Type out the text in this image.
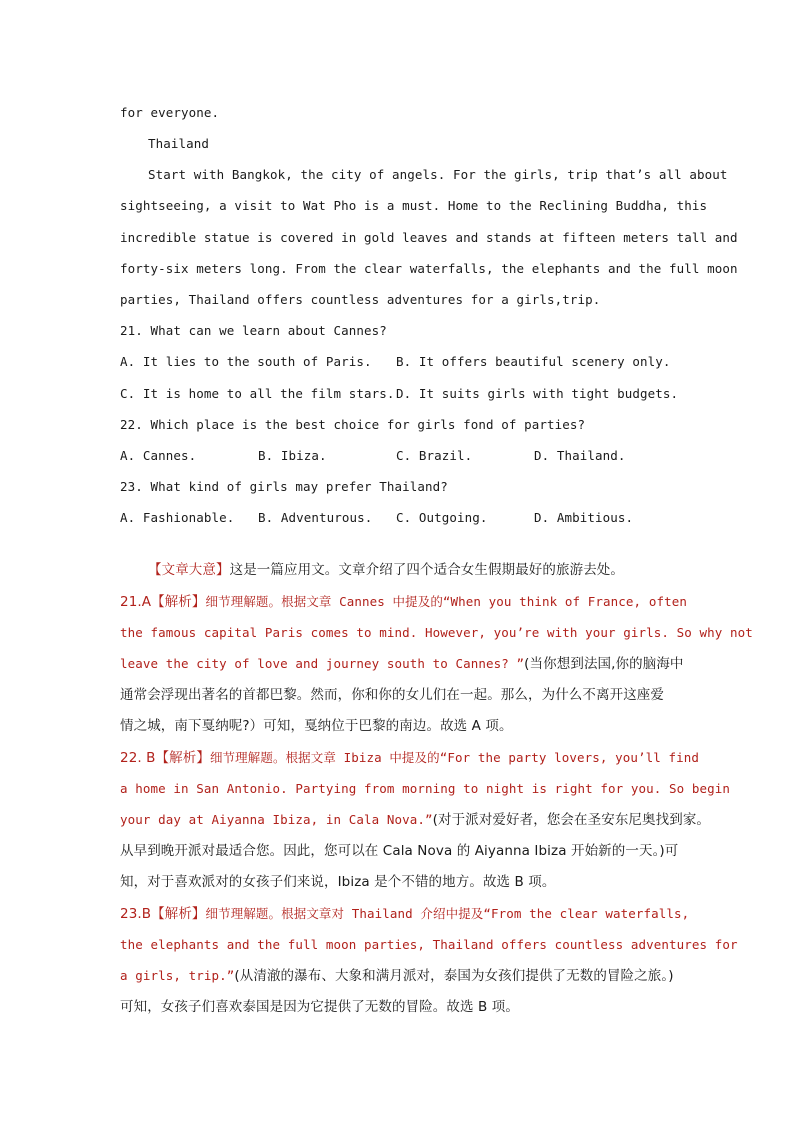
for everyone.
Thailand
Start with Bangkok, the city of angels. For the girls, trip that’s all about
sightseeing, a visit to Wat Pho is a must. Home to the Reclining Buddha, this
incredible statue is covered in gold leaves and stands at fifteen meters tall and
forty-six meters long. From the clear waterfalls, the elephants and the full moon
parties, Thailand offers countless adventures for a girls,trip.
21. What can we learn about Cannes?
A. It lies to the south of Paris. B. It offers beautiful scenery only.
C. It is home to all the film stars. D. It suits girls with tight budgets.
22. Which place is the best choice for girls fond of parties?
A. Cannes.	B. Ibiza.	C. Brazil.	D. Thailand.
23. What kind of girls may prefer Thailand?
A. Fashionable. B. Adventurous. C. Outgoing.	D. Ambitious.
【文章大意】这是一篇应用文。文章介绍了四个适合女生假期最好的旅游去处。
21.A【解析】细节理解题。根据文章 Cannes 中提及的“When you think of France, often
the famous capital Paris comes to mind. However, you’re with your girls. So why not
leave the city of love and journey south to Cannes? ”(当你想到法国,你的脑海中
通常会浮现出著名的首都巴黎。然而，你和你的女儿们在一起。那么，为什么不离开这座爱
情之城，南下戛纳呢?）可知，戛纳位于巴黎的南边。故选 A 项。
22. B【解析】细节理解题。根据文章 Ibiza 中提及的“For the party lovers, you’ll find
a home in San Antonio. Partying from morning to night is right for you. So begin
your day at Aiyanna Ibiza, in Cala Nova.”(对于派对爱好者，您会在圣安东尼奥找到家。
从早到晚开派对最适合您。因此，您可以在 Cala Nova 的 Aiyanna Ibiza 开始新的一天。)可
知，对于喜欢派对的女孩子们来说，Ibiza 是个不错的地方。故选 B 项。
23.B【解析】细节理解题。根据文章对 Thailand 介绍中提及“From the clear waterfalls,
the elephants and the full moon parties, Thailand offers countless adventures for
a girls, trip.”(从清澈的瀑布、大象和满月派对，泰国为女孩们提供了无数的冒险之旅。)
可知，女孩子们喜欢泰国是因为它提供了无数的冒险。故选 B 项。
